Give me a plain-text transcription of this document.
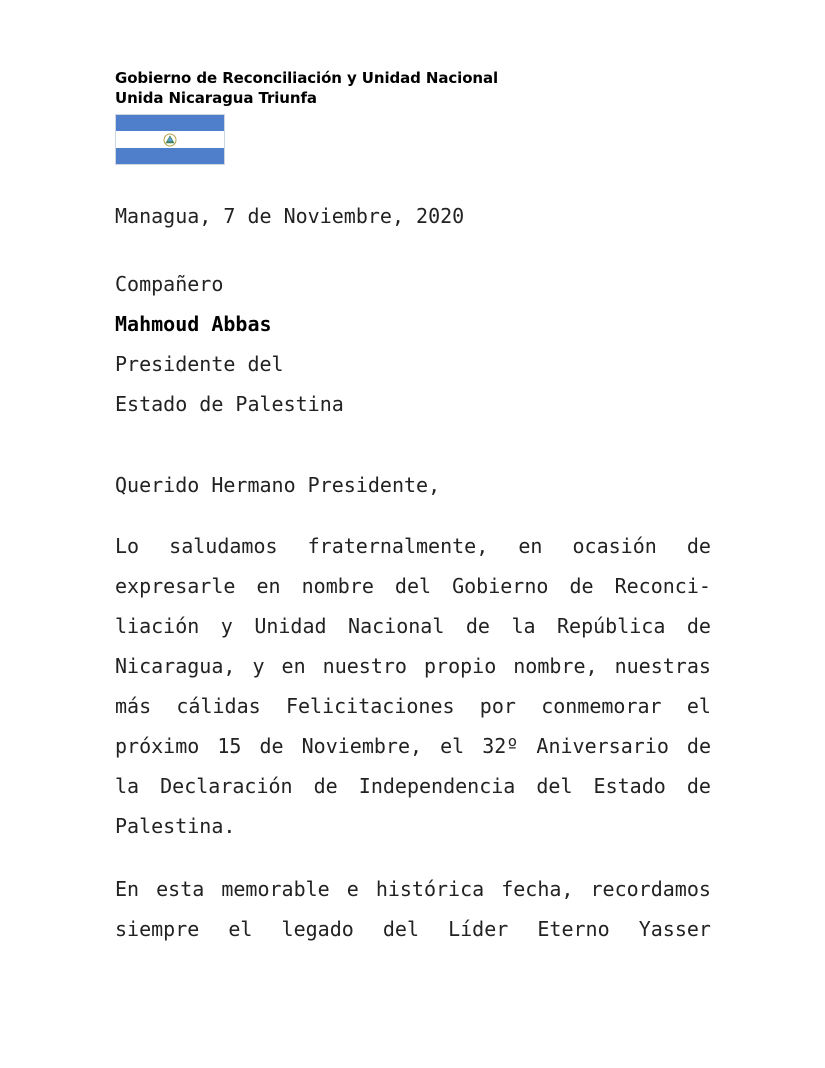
Gobierno de Reconciliación y Unidad Nacional
Unida Nicaragua Triunfa
Managua, 7 de Noviembre, 2020
Compañero
Mahmoud Abbas
Presidente del
Estado de Palestina
Querido Hermano Presidente,
Lo saludamos fraternalmente, en ocasión de
expresarle en nombre del Gobierno de Reconci-
liación y Unidad Nacional de la República de
Nicaragua, y en nuestro propio nombre, nuestras
más cálidas Felicitaciones por conmemorar el
próximo 15 de Noviembre, el 32º Aniversario de
la Declaración de Independencia del Estado de
Palestina.
En esta memorable e histórica fecha, recordamos
siempre el legado del Líder Eterno Yasser
